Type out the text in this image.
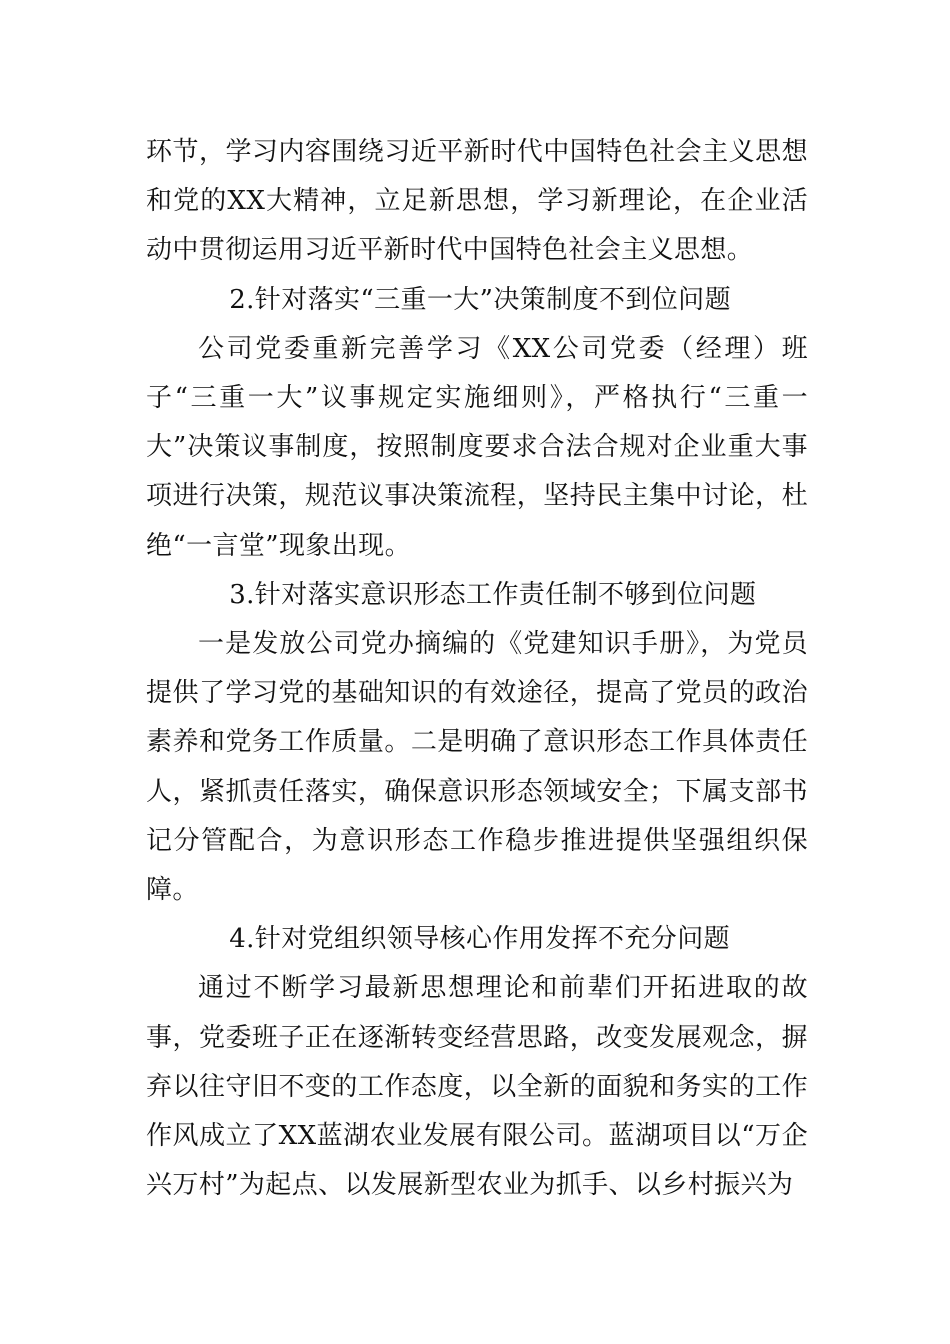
环节，学习内容围绕习近平新时代中国特色社会主义思想和党的XX大精神，立足新思想，学习新理论，在企业活动中贯彻运用习近平新时代中国特色社会主义思想。

2.针对落实“三重一大”决策制度不到位问题

公司党委重新完善学习《XX公司党委（经理）班子“三重一大”议事规定实施细则》，严格执行“三重一大”决策议事制度，按照制度要求合法合规对企业重大事项进行决策，规范议事决策流程，坚持民主集中讨论，杜绝“一言堂”现象出现。

3.针对落实意识形态工作责任制不够到位问题

一是发放公司党办摘编的《党建知识手册》，为党员提供了学习党的基础知识的有效途径，提高了党员的政治素养和党务工作质量。二是明确了意识形态工作具体责任人，紧抓责任落实，确保意识形态领域安全；下属支部书记分管配合，为意识形态工作稳步推进提供坚强组织保障。

4.针对党组织领导核心作用发挥不充分问题

通过不断学习最新思想理论和前辈们开拓进取的故事，党委班子正在逐渐转变经营思路，改变发展观念，摒弃以往守旧不变的工作态度，以全新的面貌和务实的工作作风成立了XX蓝湖农业发展有限公司。蓝湖项目以“万企兴万村”为起点、以发展新型农业为抓手、以乡村振兴为
